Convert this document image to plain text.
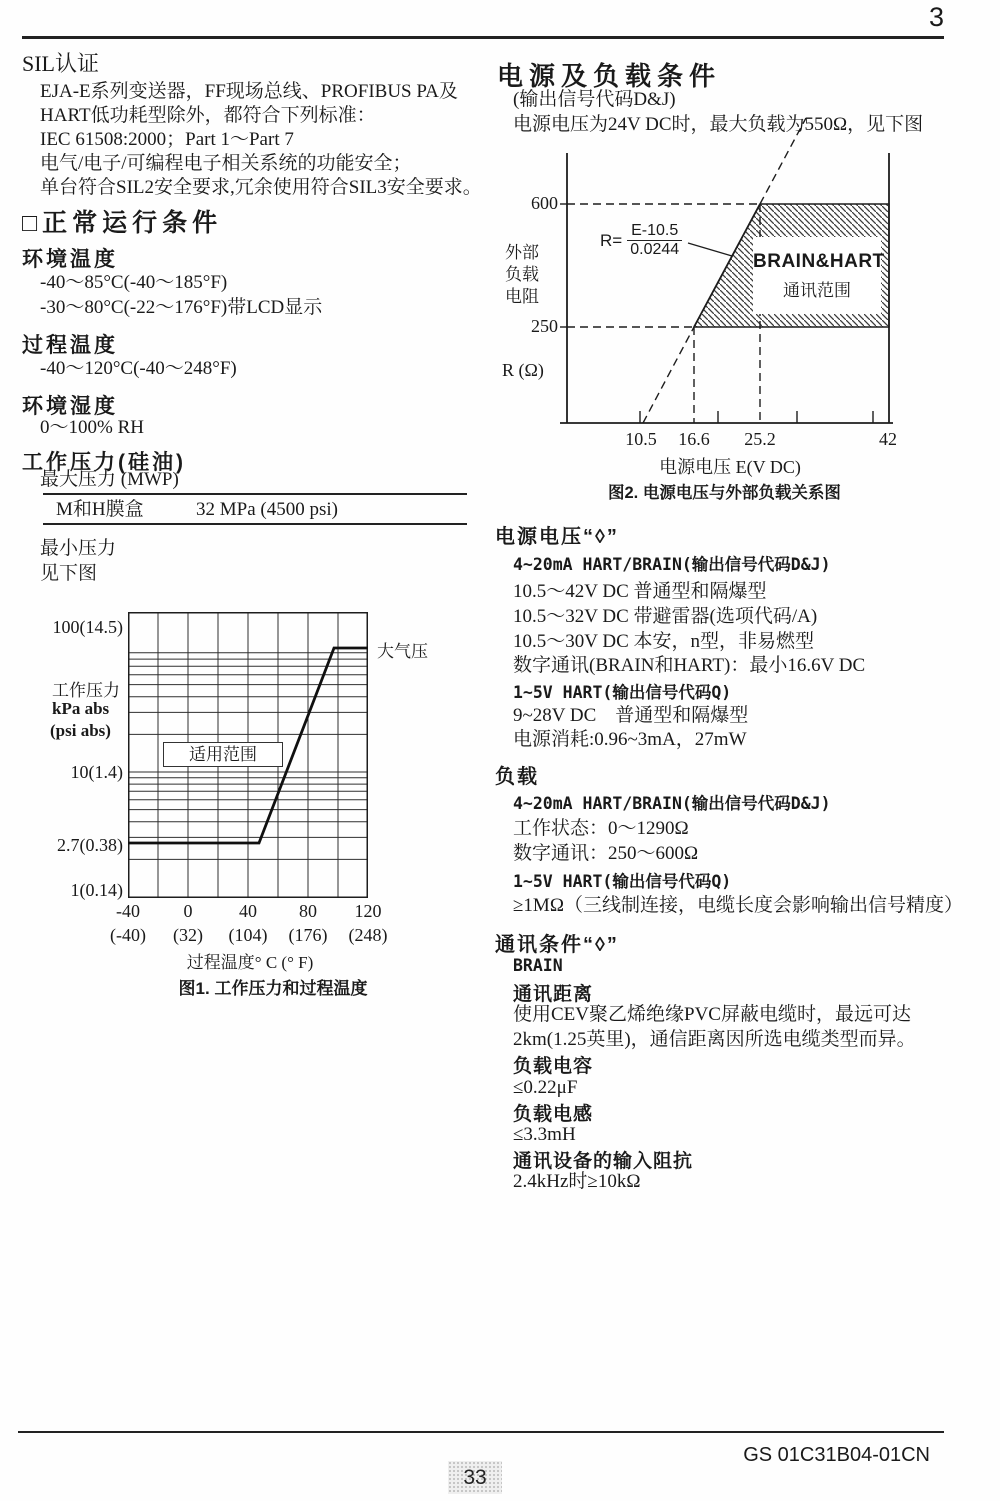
3
SIL认证
EJA-E系列变送器，FF现场总线、PROFIBUS PA及
HART低功耗型除外，都符合下列标准：
IEC 61508:2000；Part 1～Part 7
电气/电子/可编程电子相关系统的功能安全；
单台符合SIL2安全要求,冗余使用符合SIL3安全要求。
□正常运行条件
环境温度
-40～85°C(-40～185°F)
-30～80°C(-22～176°F)带LCD显示
过程温度
-40～120°C(-40～248°F)
环境湿度
0～100% RH
工作压力(硅油)
最大压力 (MWP)
M和H膜盒	32 MPa (4500 psi)
最小压力
见下图
100(14.5)
工作压力
kPa abs
(psi abs)
10(1.4)
2.7(0.38)
1(0.14)
大气压
适用范围
-40	0	40	80	120
(-40)	(32)	(104)	(176)	(248)
过程温度° C (° F)
图1. 工作压力和过程温度
电源及负载条件
(输出信号代码D&J)
电源电压为24V DC时，最大负载为550Ω，见下图
BRAIN&HART
通讯范围
$R= \frac{E-10.5}{0.0244}$
600
250
外部
负载
电阻
R (Ω)
10.5	16.6	25.2	42
电源电压 E(V DC)
图2. 电源电压与外部负载关系图
电源电压“◊”
4~20mA HART/BRAIN(输出信号代码D&J)
10.5～42V DC 普通型和隔爆型
10.5～32V DC 带避雷器(选项代码/A)
10.5～30V DC 本安，n型，非易燃型
数字通讯(BRAIN和HART)：最小16.6V DC
1~5V HART(输出信号代码Q)
9~28V DC　普通型和隔爆型
电源消耗:0.96~3mA，27mW
负载
4~20mA HART/BRAIN(输出信号代码D&J)
工作状态：0～1290Ω
数字通讯：250～600Ω
1~5V HART(输出信号代码Q)
≥1MΩ（三线制连接，电缆长度会影响输出信号精度）
通讯条件“◊”
BRAIN
通讯距离
使用CEV聚乙烯绝缘PVC屏蔽电缆时，最远可达
2km(1.25英里)，通信距离因所选电缆类型而异。
负载电容
≤0.22μF
负载电感
≤3.3mH
通讯设备的输入阻抗
2.4kHz时≥10kΩ
GS 01C31B04-01CN
33
